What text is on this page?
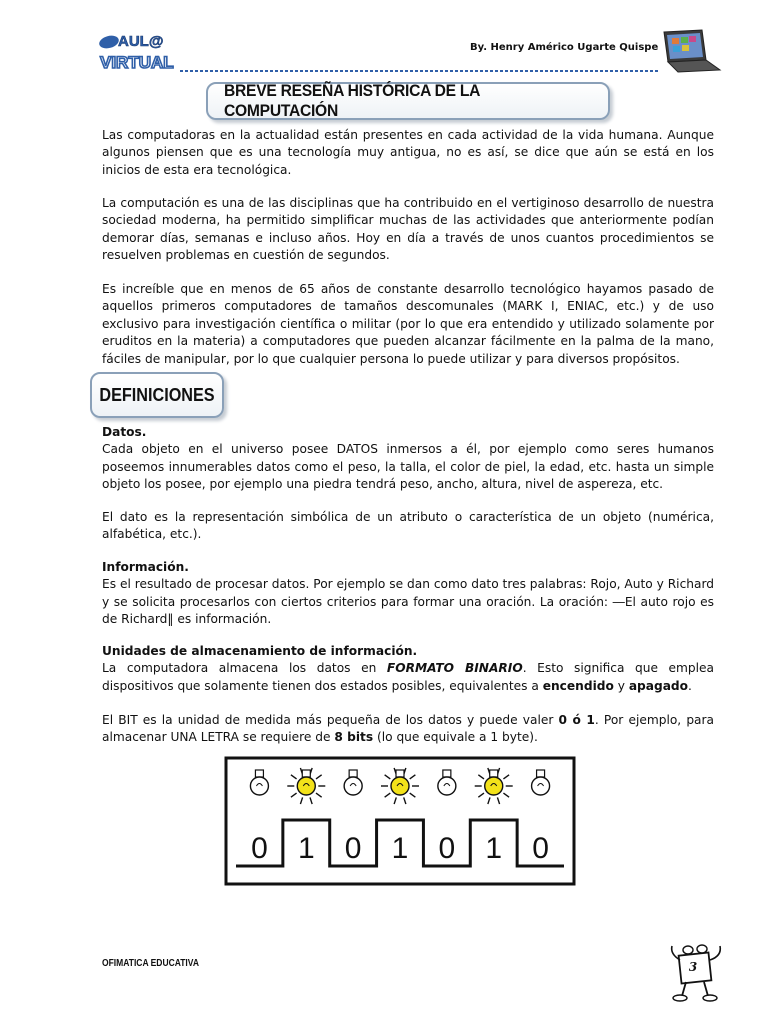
AUL@
VIRTUAL
By. Henry Américo Ugarte Quispe
BREVE RESEÑA HISTÓRICA DE LA COMPUTACIÓN

Las computadoras en la actualidad están presentes en cada actividad de la vida humana. Aunque algunos piensen que es una tecnología muy antigua, no es así, se dice que aún se está en los inicios de esta era tecnológica.

La computación es una de las disciplinas que ha contribuido en el vertiginoso desarrollo de nuestra sociedad moderna, ha permitido simplificar muchas de las actividades que anteriormente podían demorar días, semanas e incluso años. Hoy en día a través de unos cuantos procedimientos se resuelven problemas en cuestión de segundos.

Es increíble que en menos de 65 años de constante desarrollo tecnológico hayamos pasado de aquellos primeros computadores de tamaños descomunales (MARK I, ENIAC, etc.) y de uso exclusivo para investigación científica o militar (por lo que era entendido y utilizado solamente por eruditos en la materia) a computadores que pueden alcanzar fácilmente en la palma de la mano, fáciles de manipular, por lo que cualquier persona lo puede utilizar y para diversos propósitos.

DEFINICIONES

Datos.

Cada objeto en el universo posee DATOS inmersos a él, por ejemplo como seres humanos poseemos innumerables datos como el peso, la talla, el color de piel, la edad, etc. hasta un simple objeto los posee, por ejemplo una piedra tendrá peso, ancho, altura, nivel de aspereza, etc.

El dato es la representación simbólica de un atributo o característica de un objeto (numérica, alfabética, etc.).

Información.

Es el resultado de procesar datos. Por ejemplo se dan como dato tres palabras: Rojo, Auto y Richard y se solicita procesarlos con ciertos criterios para formar una oración. La oración: ―El auto rojo es de Richard‖ es información.

Unidades de almacenamiento de información.

La computadora almacena los datos en FORMATO BINARIO. Esto significa que emplea dispositivos que solamente tienen dos estados posibles, equivalentes a encendido y apagado.

El BIT es la unidad de medida más pequeña de los datos y puede valer 0 ó 1. Por ejemplo, para almacenar UNA LETRA se requiere de 8 bits (lo que equivale a 1 byte).

0 1 0 1 0 1 0
OFIMATICA EDUCATIVA	3
